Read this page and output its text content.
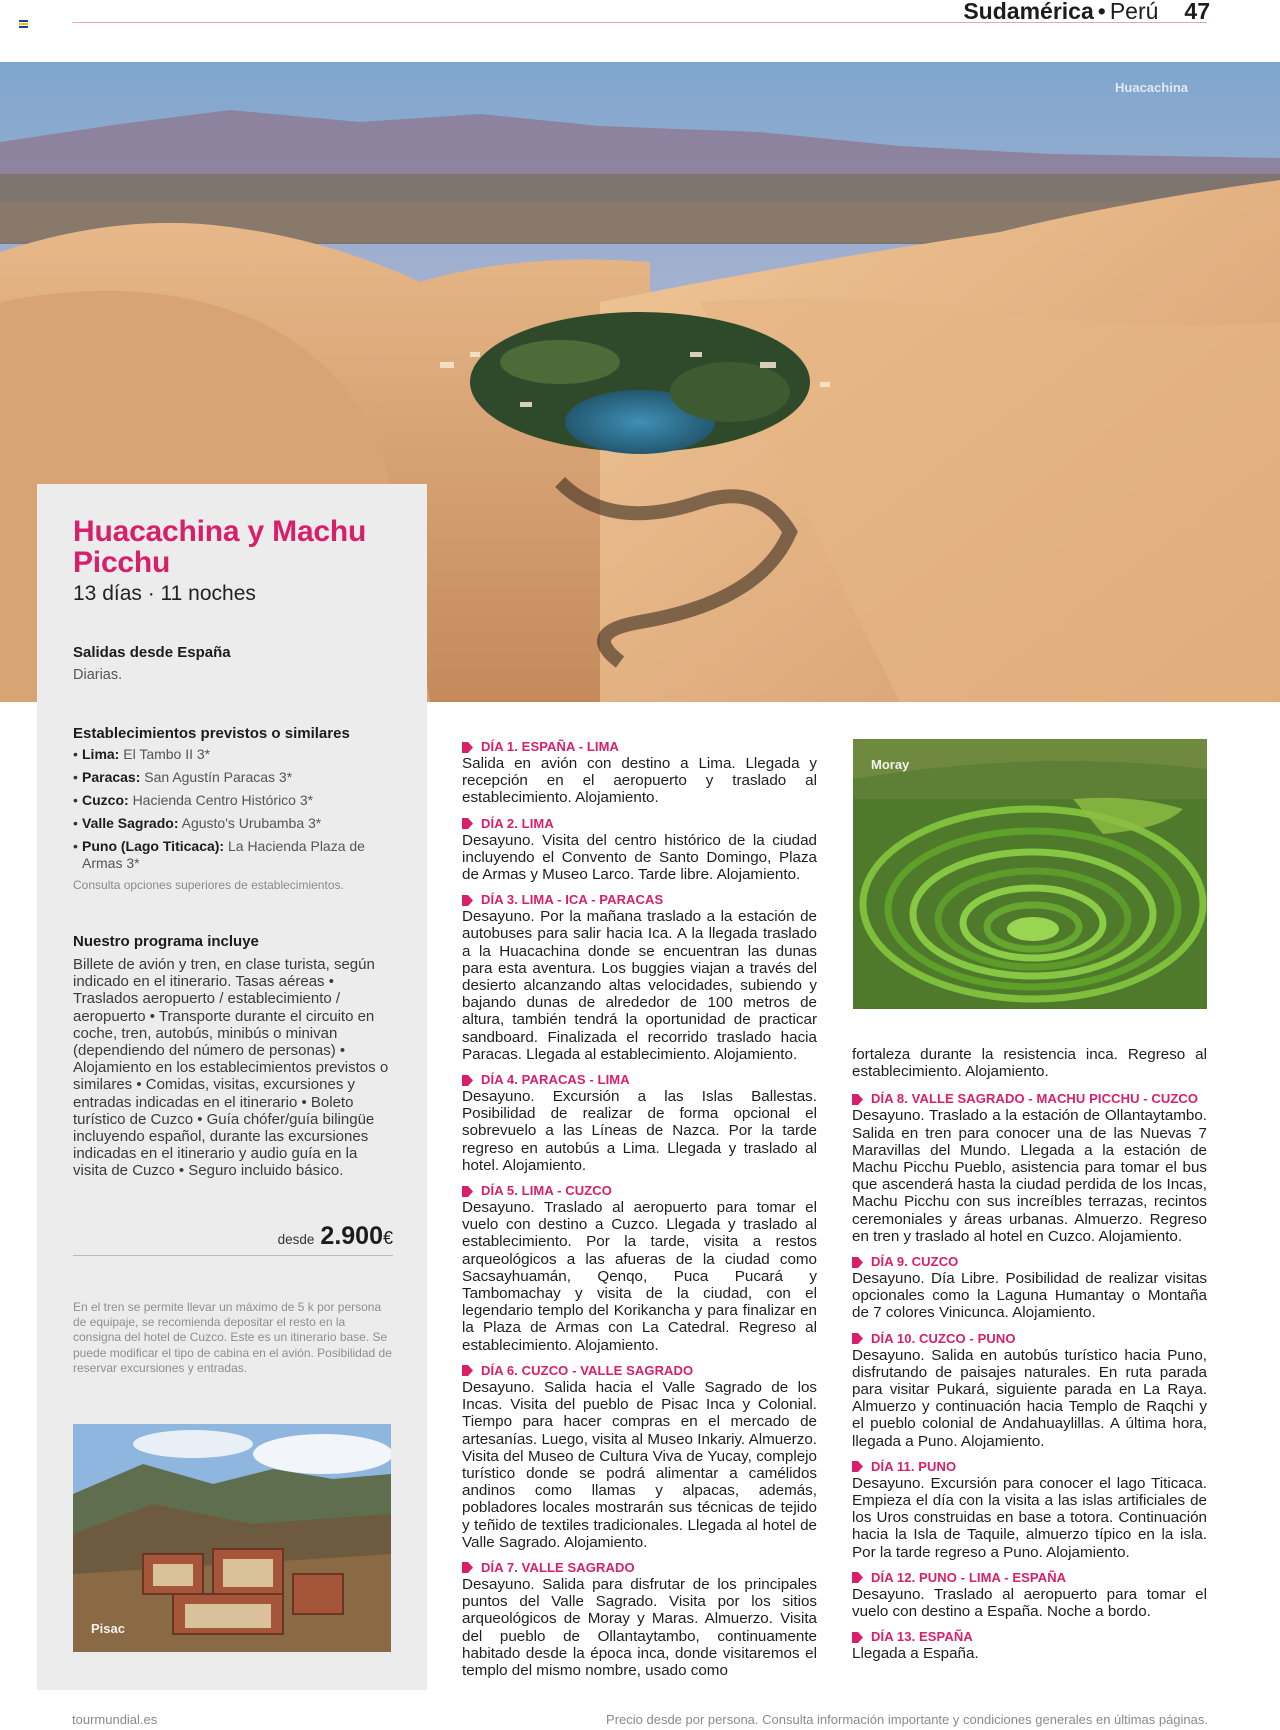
Sudamérica • Perú 47
Huacachina
Huacachina y Machu Picchu
13 días · 11 noches
Salidas desde España
Diarias.
Establecimientos previstos o similares
• Lima: El Tambo II 3*
• Paracas: San Agustín Paracas 3*
• Cuzco: Hacienda Centro Histórico 3*
• Valle Sagrado: Agusto's Urubamba 3*
• Puno (Lago Titicaca): La Hacienda Plaza de Armas 3*
Consulta opciones superiores de establecimientos.
Nuestro programa incluye
Billete de avión y tren, en clase turista, según indicado en el itinerario. Tasas aéreas • Traslados aeropuerto / establecimiento / aeropuerto • Transporte durante el circuito en coche, tren, autobús, minibús o minivan (dependiendo del número de personas) • Alojamiento en los establecimientos previstos o similares • Comidas, visitas, excursiones y entradas indicadas en el itinerario • Boleto turístico de Cuzco • Guía chófer/guía bilingüe incluyendo español, durante las excursiones indicadas en el itinerario y audio guía en la visita de Cuzco • Seguro incluido básico.
desde 2.900€
En el tren se permite llevar un máximo de 5 k por persona de equipaje, se recomienda depositar el resto en la consigna del hotel de Cuzco. Este es un itinerario base. Se puede modificar el tipo de cabina en el avión. Posibilidad de reservar excursiones y entradas.
Pisac
DÍA 1. ESPAÑA - LIMA
Salida en avión con destino a Lima. Llegada y recepción en el aeropuerto y traslado al establecimiento. Alojamiento.
DÍA 2. LIMA
Desayuno. Visita del centro histórico de la ciudad incluyendo el Convento de Santo Domingo, Plaza de Armas y Museo Larco. Tarde libre. Alojamiento.
DÍA 3. LIMA - ICA - PARACAS
Desayuno. Por la mañana traslado a la estación de autobuses para salir hacia Ica. A la llegada traslado a la Huacachina donde se encuentran las dunas para esta aventura. Los buggies viajan a través del desierto alcanzando altas velocidades, subiendo y bajando dunas de alrededor de 100 metros de altura, también tendrá la oportunidad de practicar sandboard. Finalizada el recorrido traslado hacia Paracas. Llegada al establecimiento. Alojamiento.
DÍA 4. PARACAS - LIMA
Desayuno. Excursión a las Islas Ballestas. Posibilidad de realizar de forma opcional el sobrevuelo a las Líneas de Nazca. Por la tarde regreso en autobús a Lima. Llegada y traslado al hotel. Alojamiento.
DÍA 5. LIMA - CUZCO
Desayuno. Traslado al aeropuerto para tomar el vuelo con destino a Cuzco. Llegada y traslado al establecimiento. Por la tarde, visita a restos arqueológicos a las afueras de la ciudad como Sacsayhuamán, Qenqo, Puca Pucará y Tambomachay y visita de la ciudad, con el legendario templo del Korikancha y para finalizar en la Plaza de Armas con La Catedral. Regreso al establecimiento. Alojamiento.
DÍA 6. CUZCO - VALLE SAGRADO
Desayuno. Salida hacia el Valle Sagrado de los Incas. Visita del pueblo de Pisac Inca y Colonial. Tiempo para hacer compras en el mercado de artesanías. Luego, visita al Museo Inkariy. Almuerzo. Visita del Museo de Cultura Viva de Yucay, complejo turístico donde se podrá alimentar a camélidos andinos como llamas y alpacas, además, pobladores locales mostrarán sus técnicas de tejido y teñido de textiles tradicionales. Llegada al hotel de Valle Sagrado. Alojamiento.
DÍA 7. VALLE SAGRADO
Desayuno. Salida para disfrutar de los principales puntos del Valle Sagrado. Visita por los sitios arqueológicos de Moray y Maras. Almuerzo. Visita del pueblo de Ollantaytambo, continuamente habitado desde la época inca, donde visitaremos el templo del mismo nombre, usado como
Moray
fortaleza durante la resistencia inca. Regreso al establecimiento. Alojamiento.
DÍA 8. VALLE SAGRADO - MACHU PICCHU - CUZCO
Desayuno. Traslado a la estación de Ollantaytambo. Salida en tren para conocer una de las Nuevas 7 Maravillas del Mundo. Llegada a la estación de Machu Picchu Pueblo, asistencia para tomar el bus que ascenderá hasta la ciudad perdida de los Incas, Machu Picchu con sus increíbles terrazas, recintos ceremoniales y áreas urbanas. Almuerzo. Regreso en tren y traslado al hotel en Cuzco. Alojamiento.
DÍA 9. CUZCO
Desayuno. Día Libre. Posibilidad de realizar visitas opcionales como la Laguna Humantay o Montaña de 7 colores Vinicunca. Alojamiento.
DÍA 10. CUZCO - PUNO
Desayuno. Salida en autobús turístico hacia Puno, disfrutando de paisajes naturales. En ruta parada para visitar Pukará, siguiente parada en La Raya. Almuerzo y continuación hacia Templo de Raqchi y el pueblo colonial de Andahuaylillas. A última hora, llegada a Puno. Alojamiento.
DÍA 11. PUNO
Desayuno. Excursión para conocer el lago Titicaca. Empieza el día con la visita a las islas artificiales de los Uros construidas en base a totora. Continuación hacia la Isla de Taquile, almuerzo típico en la isla. Por la tarde regreso a Puno. Alojamiento.
DÍA 12. PUNO - LIMA - ESPAÑA
Desayuno. Traslado al aeropuerto para tomar el vuelo con destino a España. Noche a bordo.
DÍA 13. ESPAÑA
Llegada a España.
tourmundial.es	Precio desde por persona. Consulta información importante y condiciones generales en últimas páginas.
